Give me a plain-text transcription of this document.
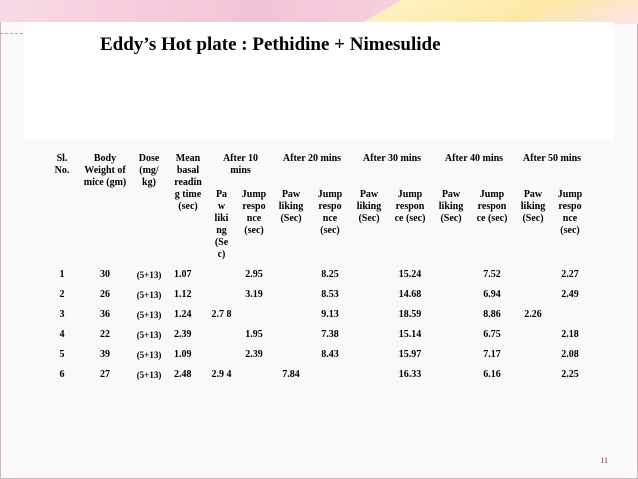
Eddy’s Hot plate : Pethidine + Nimesulide
Sl. No.	Body Weight of mice (gm)	Dose (mg/ kg)	Mean basal readin g time (sec)	After 10 mins		After 20 mins		After 30 mins		After 40 mins		After 50 mins	
				Pa w liki ng (Se c)	Jump respo nce (sec)	Paw liking (Sec)	Jump respo nce (sec)	Paw liking (Sec)	Jump respon ce (sec)	Paw liking (Sec)	Jump respon ce (sec)	Paw liking (Sec)	Jump respo nce (sec)
1	30	(5+13)	1.07		2.95		8.25		15.24		7.52		2.27
2	26	(5+13)	1.12		3.19		8.53		14.68		6.94		2.49
3	36	(5+13)	1.24	2.7 8			9.13		18.59		8.86	2.26	
4	22	(5+13)	2.39		1.95		7.38		15.14		6.75		2.18
5	39	(5+13)	1.09		2.39		8.43		15.97		7.17		2.08
6	27	(5+13)	2.48	2.9 4		7.84			16.33		6.16		2.25
11
